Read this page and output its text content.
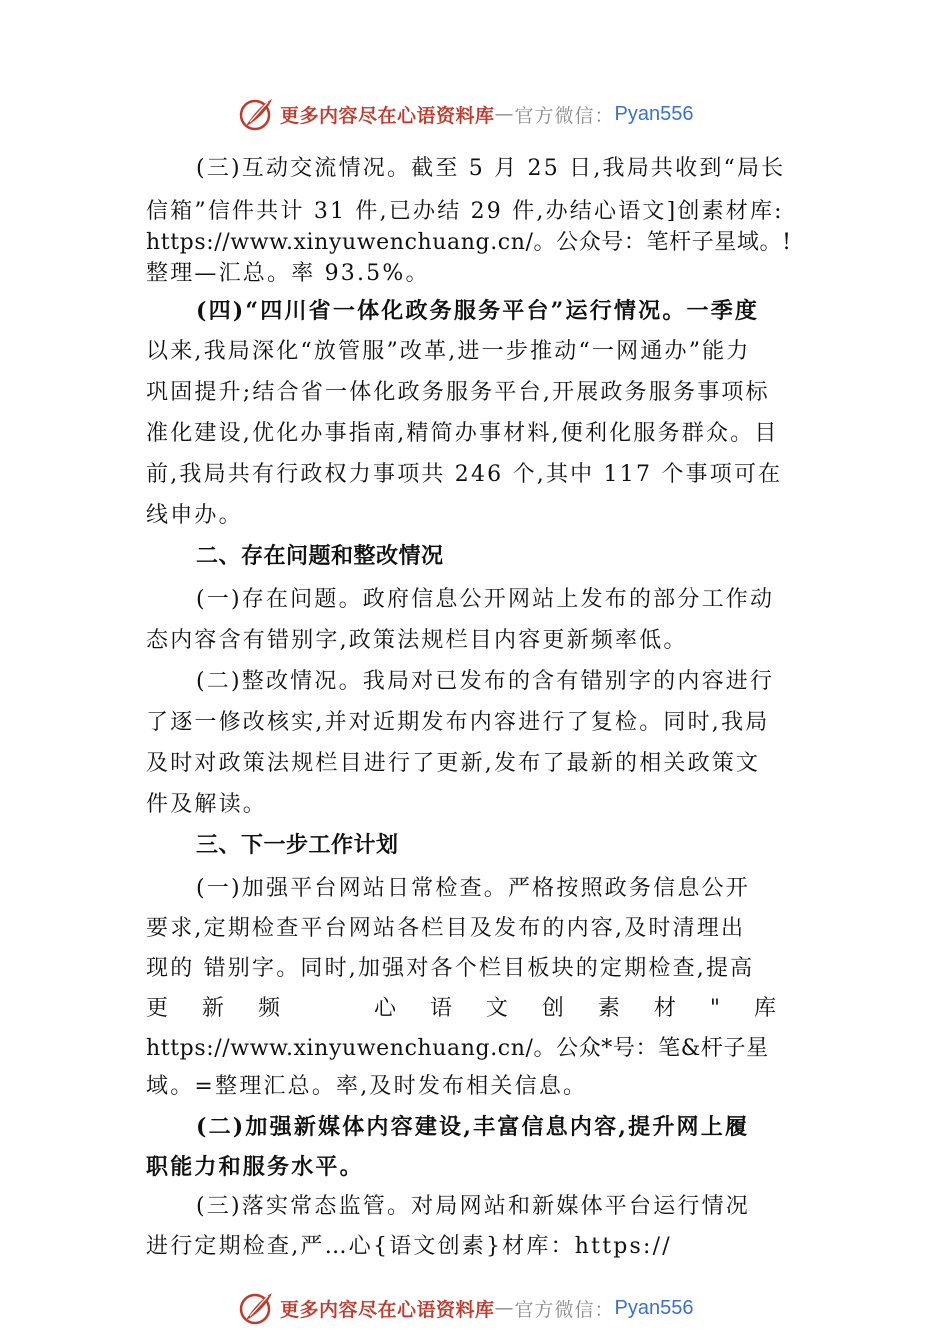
更多内容尽在心语资料库 — 官方微信： Pyan556
(三)互动交流情况。截至 5 月 25 日,我局共收到“局长
信箱”信件共计 31 件,已办结 29 件,办结心语文]创素材库:
https://www.xinyuwenchuang.cn/。公众号：笔杆子星域。!
整理—汇总。率 93.5%。
(四)“四川省一体化政务服务平台”运行情况。一季度
以来,我局深化“放管服”改革,进一步推动“一网通办”能力
巩固提升;结合省一体化政务服务平台,开展政务服务事项标
准化建设,优化办事指南,精简办事材料,便利化服务群众。目
前,我局共有行政权力事项共 246 个,其中 117 个事项可在
线申办。
二、存在问题和整改情况
(一)存在问题。政府信息公开网站上发布的部分工作动
态内容含有错别字,政策法规栏目内容更新频率低。
(二)整改情况。我局对已发布的含有错别字的内容进行
了逐一修改核实,并对近期发布内容进行了复检。同时,我局
及时对政策法规栏目进行了更新,发布了最新的相关政策文
件及解读。
三、下一步工作计划
(一)加强平台网站日常检查。严格按照政务信息公开
要求,定期检查平台网站各栏目及发布的内容,及时清理出
现的 错别字。同时,加强对各个栏目板块的定期检查,提高
更 新 频	心 语 文 创 素 材 " 库
https://www.xinyuwenchuang.cn/。公众*号：笔&杆子星
域。=整理汇总。率,及时发布相关信息。
(二)加强新媒体内容建设,丰富信息内容,提升网上履
职能力和服务水平。
(三)落实常态监管。对局网站和新媒体平台运行情况
进行定期检查,严…心{语文创素}材库：https://
更多内容尽在心语资料库 — 官方微信： Pyan556
